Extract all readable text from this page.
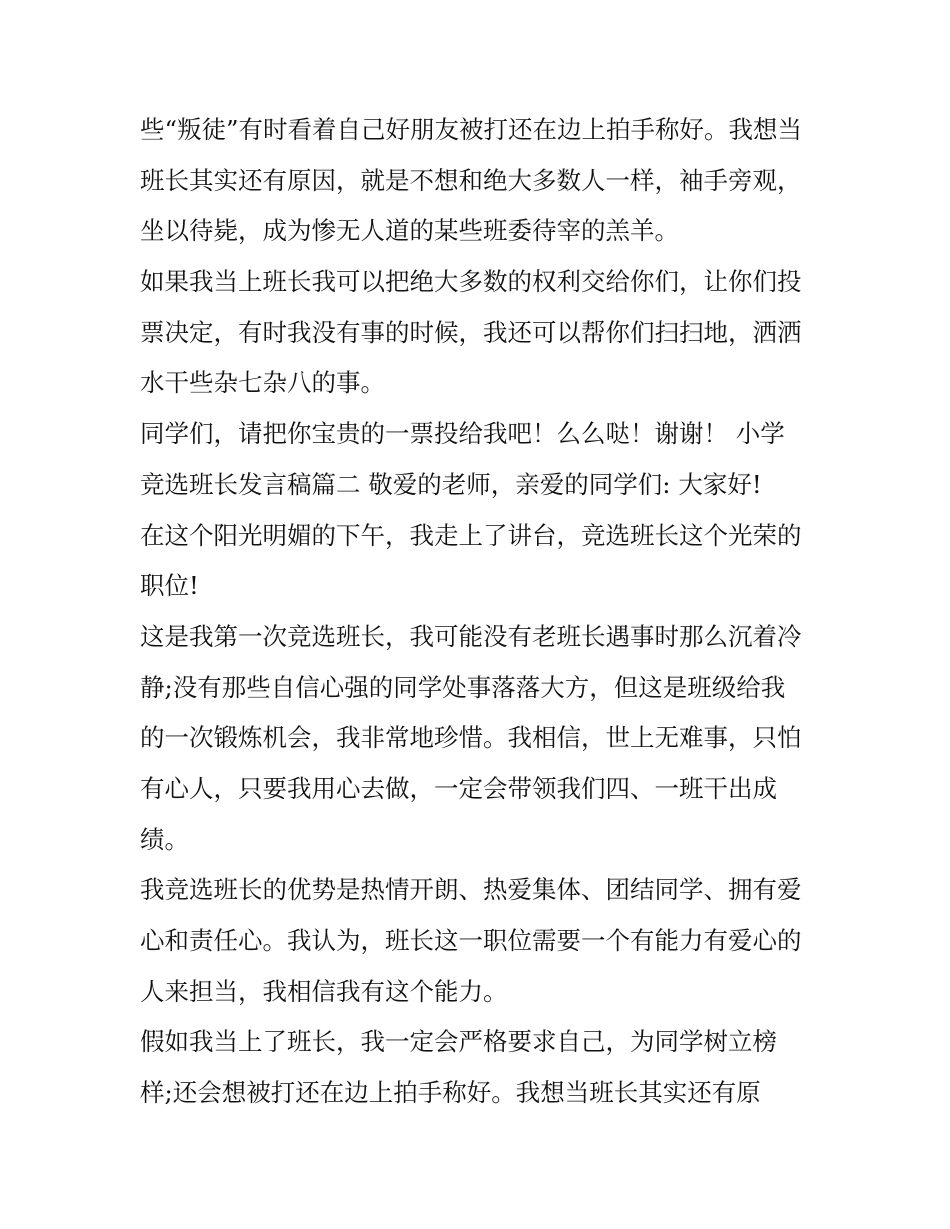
些“叛徒”有时看着自己好朋友被打还在边上拍手称好。我想当
班长其实还有原因，就是不想和绝大多数人一样，袖手旁观，
坐以待毙，成为惨无人道的某些班委待宰的羔羊。
如果我当上班长我可以把绝大多数的权利交给你们，让你们投
票决定，有时我没有事的时候，我还可以帮你们扫扫地，洒洒
水干些杂七杂八的事。
同学们，请把你宝贵的一票投给我吧！么么哒！谢谢！ 小学
竞选班长发言稿篇二 敬爱的老师，亲爱的同学们: 大家好!
在这个阳光明媚的下午，我走上了讲台，竞选班长这个光荣的
职位!
这是我第一次竞选班长，我可能没有老班长遇事时那么沉着冷
静;没有那些自信心强的同学处事落落大方，但这是班级给我
的一次锻炼机会，我非常地珍惜。我相信，世上无难事，只怕
有心人，只要我用心去做，一定会带领我们四、一班干出成
绩。
我竞选班长的优势是热情开朗、热爱集体、团结同学、拥有爱
心和责任心。我认为，班长这一职位需要一个有能力有爱心的
人来担当，我相信我有这个能力。
假如我当上了班长，我一定会严格要求自己，为同学树立榜
样;还会想被打还在边上拍手称好。我想当班长其实还有原
